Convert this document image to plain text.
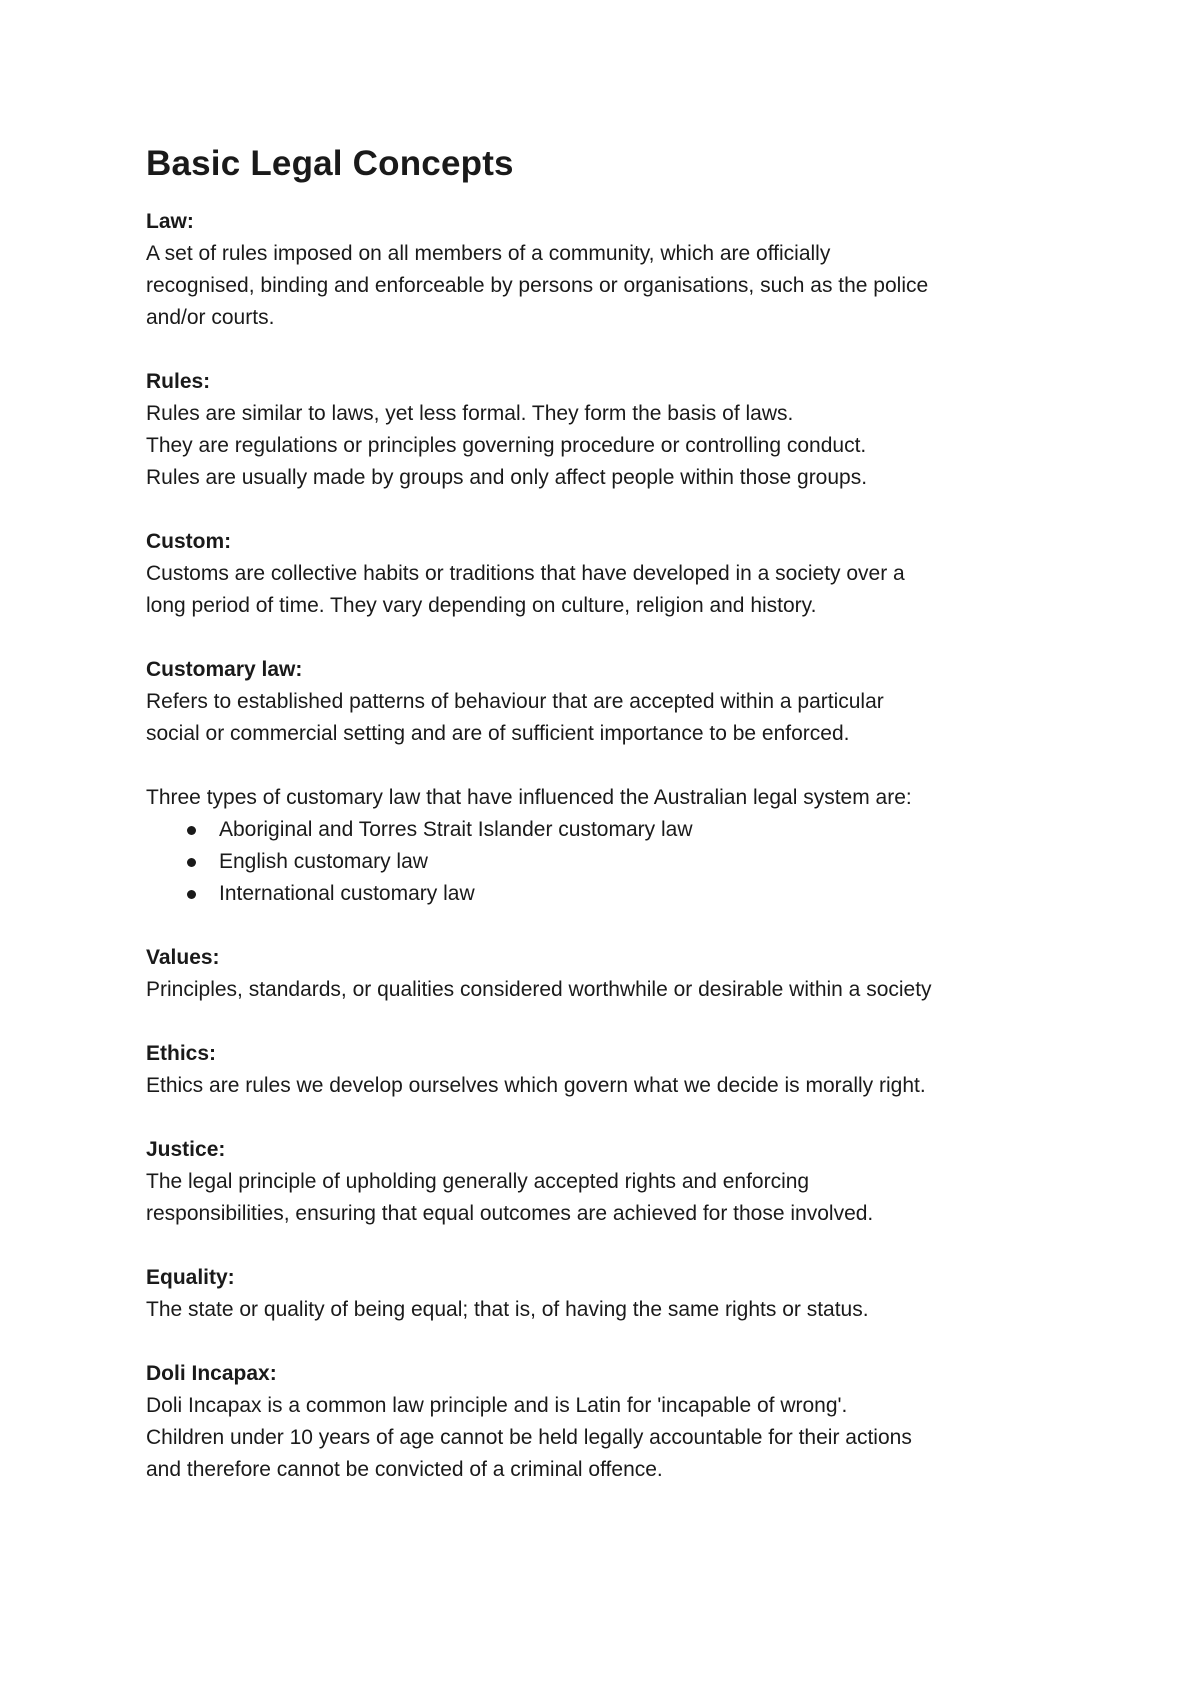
Basic Legal Concepts

Law:

A set of rules imposed on all members of a community, which are officially

recognised, binding and enforceable by persons or organisations, such as the police

and/or courts.

Rules:

Rules are similar to laws, yet less formal. They form the basis of laws.

They are regulations or principles governing procedure or controlling conduct.

Rules are usually made by groups and only affect people within those groups.

Custom:

Customs are collective habits or traditions that have developed in a society over a

long period of time. They vary depending on culture, religion and history.

Customary law:

Refers to established patterns of behaviour that are accepted within a particular

social or commercial setting and are of sufficient importance to be enforced.

Three types of customary law that have influenced the Australian legal system are:

Aboriginal and Torres Strait Islander customary law
English customary law
International customary law

Values:

Principles, standards, or qualities considered worthwhile or desirable within a society

Ethics:

Ethics are rules we develop ourselves which govern what we decide is morally right.

Justice:

The legal principle of upholding generally accepted rights and enforcing

responsibilities, ensuring that equal outcomes are achieved for those involved.

Equality:

The state or quality of being equal; that is, of having the same rights or status.

Doli Incapax:

Doli Incapax is a common law principle and is Latin for 'incapable of wrong'.

Children under 10 years of age cannot be held legally accountable for their actions

and therefore cannot be convicted of a criminal offence.
